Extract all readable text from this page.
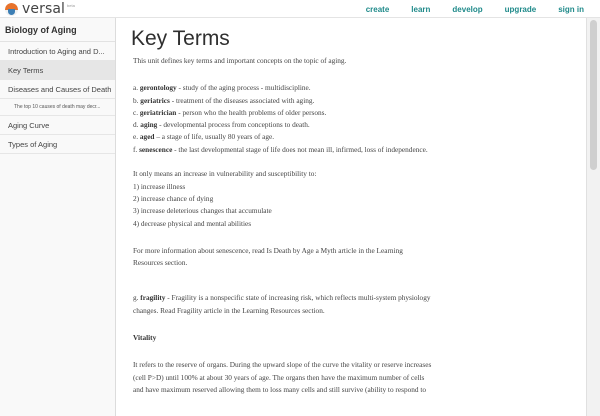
versal beta	create	learn	develop	upgrade	sign in
Biology of Aging
Introduction to Aging and D...
Key Terms
Diseases and Causes of Death
The top 10 causes of death may decr...
Aging Curve
Types of Aging
Key Terms

This unit defines key terms and important concepts on the topic of aging.

a. gerontology - study of the aging process - multidiscipline.

b. geriatrics - treatment of the diseases associated with aging.

c. geriatrician - person who the health problems of older persons.

d. aging - developmental process from conceptions to death.

e. aged – a stage of life, usually 80 years of age.

f. senescence - the last developmental stage of life does not mean ill, infirmed, loss of independence.

It only means an increase in vulnerability and susceptibility to:

1) increase illness

2) increase chance of dying

3) increase deleterious changes that accumulate

4) decrease physical and mental abilities

For more information about senescence, read Is Death by Age a Myth article in the Learning

Resources section.

g. fragility - Fragility is a nonspecific state of increasing risk, which reflects multi-system physiology

changes. Read Fragility article in the Learning Resources section.

Vitality

It refers to the reserve of organs. During the upward slope of the curve the vitality or reserve increases

(cell P>D) until 100% at about 30 years of age. The organs then have the maximum number of cells

and have maximum reserved allowing them to loss many cells and still survive (ability to respond to
